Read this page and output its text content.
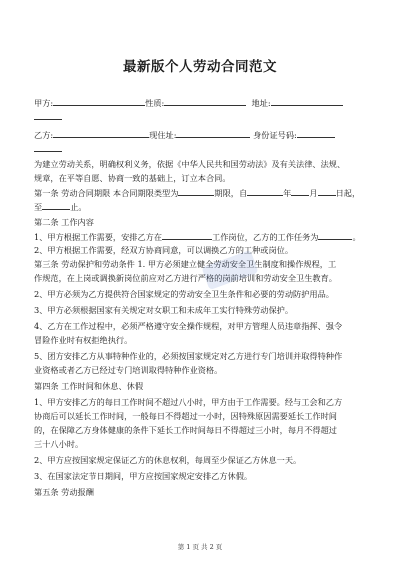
最新版个人劳动合同范文
甲方:	性质:	地址:
乙方:	现住址:	身份证号码:
为建立劳动关系，明确权利义务，依据《中华人民共和国劳动法》及有关法律、法规、
规章，在平等自愿、协商一致的基础上，订立本合同。
第一条 劳动合同期限 本合同期限类型为	期限，自	年 月 日起，
至	止。
第二条 工作内容
1、甲方根据工作需要，安排乙方在	工作岗位，乙方的工作任务为	。
2、甲方根据工作需要，经双方协商同意，可以调换乙方的工种或岗位。
第三条 劳动保护和劳动条件 1. 甲方必须建立健全劳动安全卫生制度和操作规程，工
作规范，在上岗或调换新岗位前应对乙方进行严格的岗前培训和劳动安全卫生教育。
2、甲方必须为乙方提供符合国家规定的劳动安全卫生条件和必要的劳动防护用品。
3、甲方必须根据国家有关规定对女职工和未成年工实行特殊劳动保护。
4、乙方在工作过程中，必须严格遵守安全操作规程，对甲方管理人员违章指挥、强令
冒险作业时有权拒绝执行。
5、团方安排乙方从事特种作业的，必须按国家规定对乙方进行专门培训并取得特种作
业资格或者乙方已经过专门培训取得特种作业资格。
第四条 工作时间和休息、休假
1、甲方安排乙方的每日工作时间不超过八小时，甲方由于工作需要。经与工会和乙方
协商后可以延长工作时间，一般每日不得超过一小时，因特殊原因需要延长工作时间
的，在保障乙方身体健康的条件下延长工作时间每日不得超过三小时，每月不得超过
三十八小时。
2、甲方应按国家规定保证乙方的休息权利，每周至少保证乙方休息一天。
3、在国家法定节日期间，甲方应按国家规定安排乙方休假。
第五条 劳动报酬
第 1 页 共 2 页
